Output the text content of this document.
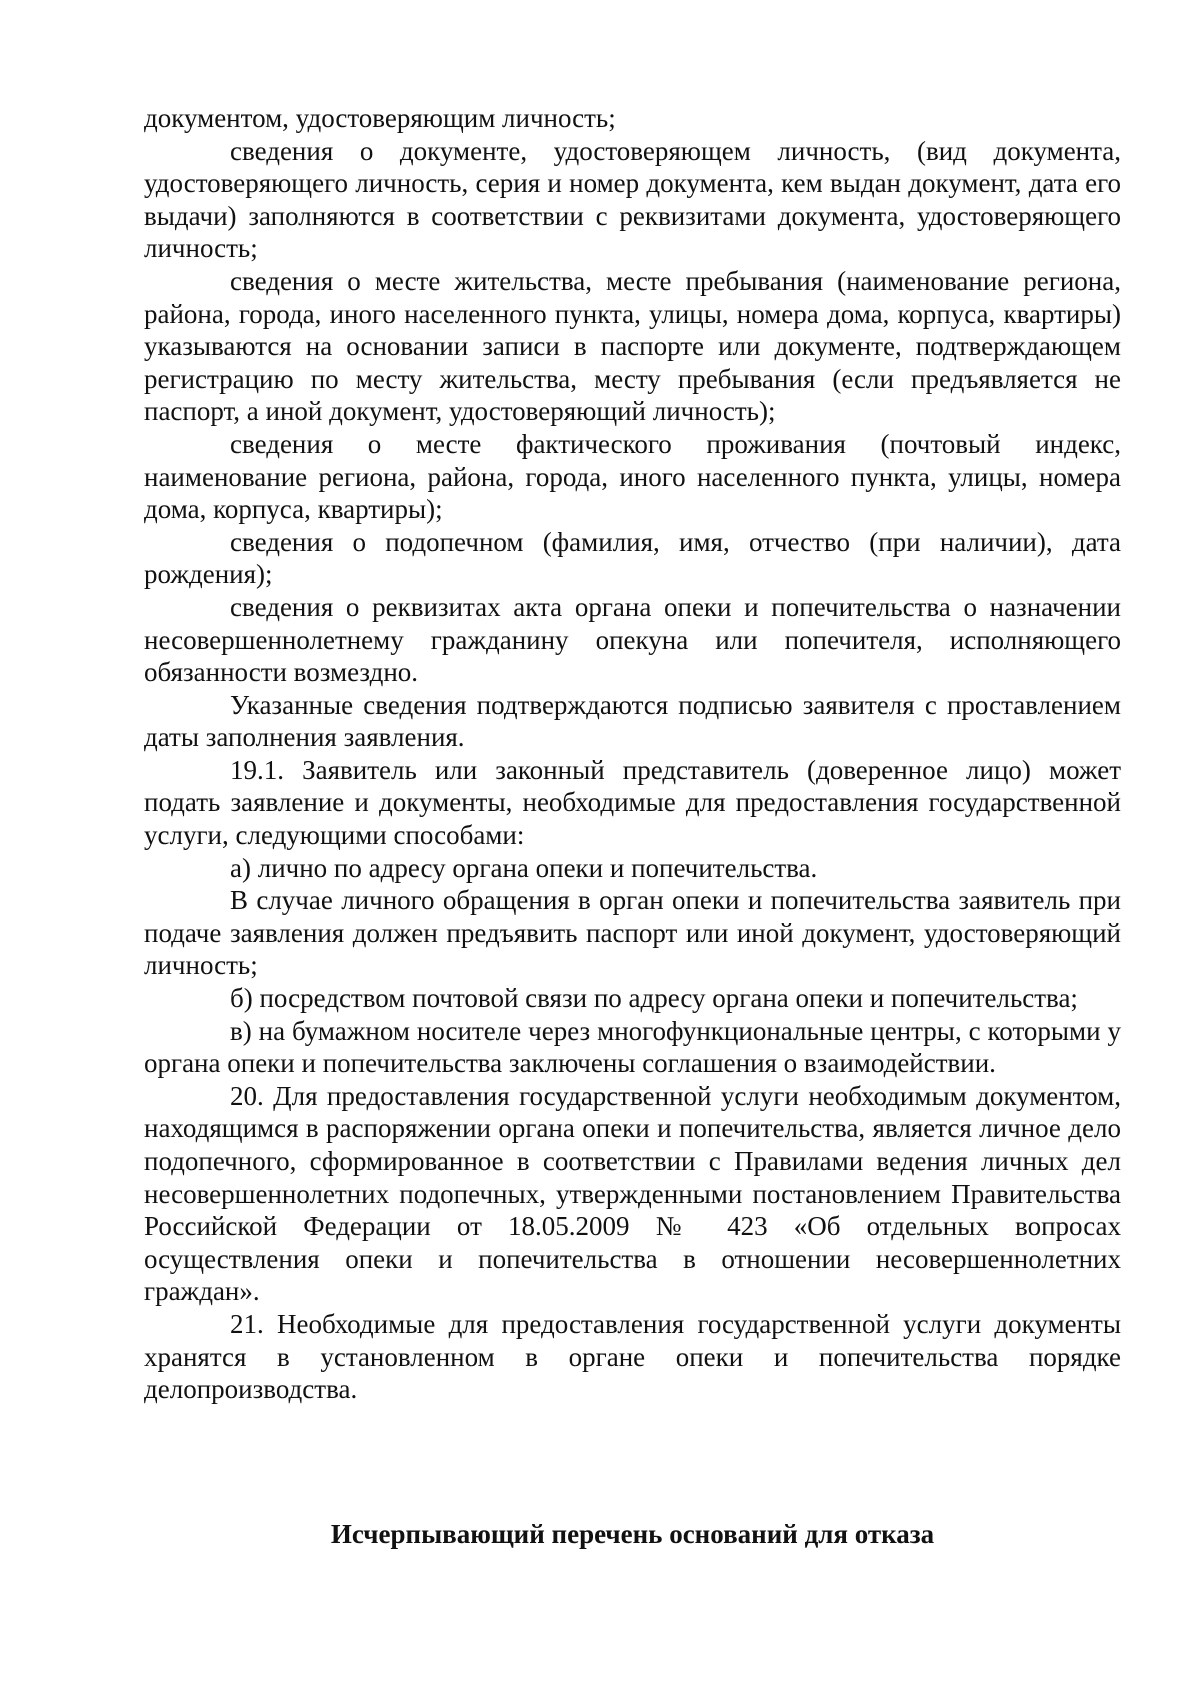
документом, удостоверяющим личность;

сведения о документе, удостоверяющем личность, (вид документа, удостоверяющего личность, серия и номер документа, кем выдан документ, дата его выдачи) заполняются в соответствии с реквизитами документа, удостоверяющего личность;

сведения о месте жительства, месте пребывания (наименование региона, района, города, иного населенного пункта, улицы, номера дома, корпуса, квартиры) указываются на основании записи в паспорте или документе, подтверждающем регистрацию по месту жительства, месту пребывания (если предъявляется не паспорт, а иной документ, удостоверяющий личность);

сведения о месте фактического проживания (почтовый индекс, наименование региона, района, города, иного населенного пункта, улицы, номера дома, корпуса, квартиры);

сведения о подопечном (фамилия, имя, отчество (при наличии), дата рождения);

сведения о реквизитах акта органа опеки и попечительства о назначении несовершеннолетнему гражданину опекуна или попечителя, исполняющего обязанности возмездно.

Указанные сведения подтверждаются подписью заявителя с проставлением даты заполнения заявления.

19.1. Заявитель или законный представитель (доверенное лицо) может подать заявление и документы, необходимые для предоставления государственной услуги, следующими способами:

а) лично по адресу органа опеки и попечительства.

В случае личного обращения в орган опеки и попечительства заявитель при подаче заявления должен предъявить паспорт или иной документ, удостоверяющий личность;

б) посредством почтовой связи по адресу органа опеки и попечительства;

в) на бумажном носителе через многофункциональные центры, с которыми у органа опеки и попечительства заключены соглашения о взаимодействии.

20. Для предоставления государственной услуги необходимым документом, находящимся в распоряжении органа опеки и попечительства, является личное дело подопечного, сформированное в соответствии с Правилами ведения личных дел несовершеннолетних подопечных, утвержденными постановлением Правительства Российской Федерации от 18.05.2009 № 423 «Об отдельных вопросах осуществления опеки и попечительства в отношении несовершеннолетних граждан».

21. Необходимые для предоставления государственной услуги документы хранятся в установленном в органе опеки и попечительства порядке делопроизводства.

Исчерпывающий перечень оснований для отказа
